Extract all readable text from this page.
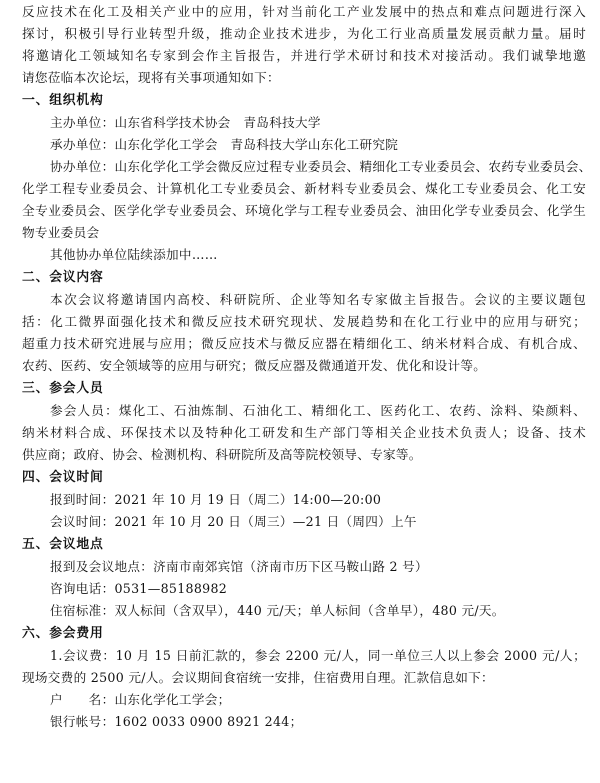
反应技术在化工及相关产业中的应用，针对当前化工产业发展中的热点和难点问题进行深入
探讨，积极引导行业转型升级，推动企业技术进步，为化工行业高质量发展贡献力量。届时
将邀请化工领域知名专家到会作主旨报告，并进行学术研讨和技术对接活动。我们诚挚地邀
请您莅临本次论坛，现将有关事项通知如下：
一、组织机构
主办单位：山东省科学技术协会　青岛科技大学
承办单位：山东化学化工学会　青岛科技大学山东化工研究院
协办单位：山东化学化工学会微反应过程专业委员会、精细化工专业委员会、农药专业委员会、
化学工程专业委员会、计算机化工专业委员会、新材料专业委员会、煤化工专业委员会、化工安
全专业委员会、医学化学专业委员会、环境化学与工程专业委员会、油田化学专业委员会、化学生
物专业委员会
其他协办单位陆续添加中……
二、会议内容
本次会议将邀请国内高校、科研院所、企业等知名专家做主旨报告。会议的主要议题包
括：化工微界面强化技术和微反应技术研究现状、发展趋势和在化工行业中的应用与研究；
超重力技术研究进展与应用；微反应技术与微反应器在精细化工、纳米材料合成、有机合成、
农药、医药、安全领域等的应用与研究；微反应器及微通道开发、优化和设计等。
三、参会人员
参会人员：煤化工、石油炼制、石油化工、精细化工、医药化工、农药、涂料、染颜料、
纳米材料合成、环保技术以及特种化工研发和生产部门等相关企业技术负责人；设备、技术
供应商；政府、协会、检测机构、科研院所及高等院校领导、专家等。
四、会议时间
报到时间：2021 年 10 月 19 日（周二）14:00—20:00
会议时间：2021 年 10 月 20 日（周三）—21 日（周四）上午
五、会议地点
报到及会议地点：济南市南郊宾馆（济南市历下区马鞍山路 2 号）
咨询电话：0531—85188982
住宿标准：双人标间（含双早），440 元/天；单人标间（含单早），480 元/天。
六、参会费用
1.会议费：10 月 15 日前汇款的，参会 2200 元/人，同一单位三人以上参会 2000 元/人；
现场交费的 2500 元/人。会议期间食宿统一安排，住宿费用自理。汇款信息如下：
户　　名：山东化学化工学会；
银行帐号：1602 0033 0900 8921 244；
